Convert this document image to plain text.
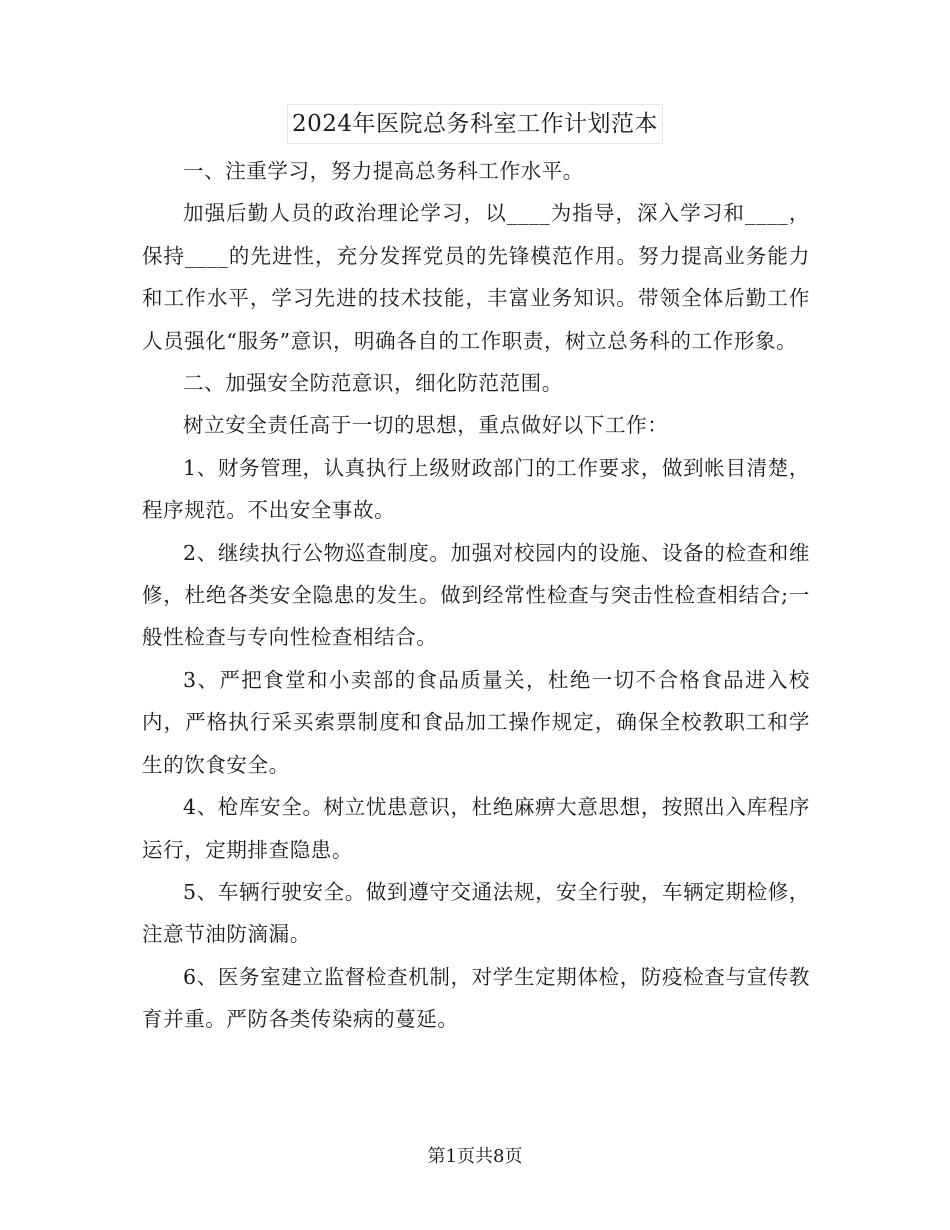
2024年医院总务科室工作计划范本

一、注重学习，努力提高总务科工作水平。

加强后勤人员的政治理论学习，以____为指导，深入学习和____，保持____的先进性，充分发挥党员的先锋模范作用。努力提高业务能力和工作水平，学习先进的技术技能，丰富业务知识。带领全体后勤工作人员强化“服务”意识，明确各自的工作职责，树立总务科的工作形象。

二、加强安全防范意识，细化防范范围。

树立安全责任高于一切的思想，重点做好以下工作：

1、财务管理，认真执行上级财政部门的工作要求，做到帐目清楚，程序规范。不出安全事故。

2、继续执行公物巡查制度。加强对校园内的设施、设备的检查和维修，杜绝各类安全隐患的发生。做到经常性检查与突击性检查相结合;一般性检查与专向性检查相结合。

3、严把食堂和小卖部的食品质量关，杜绝一切不合格食品进入校内，严格执行采买索票制度和食品加工操作规定，确保全校教职工和学生的饮食安全。

4、枪库安全。树立忧患意识，杜绝麻痹大意思想，按照出入库程序运行，定期排查隐患。

5、车辆行驶安全。做到遵守交通法规，安全行驶，车辆定期检修，注意节油防滴漏。

6、医务室建立监督检查机制，对学生定期体检，防疫检查与宣传教育并重。严防各类传染病的蔓延。

第1页共8页
